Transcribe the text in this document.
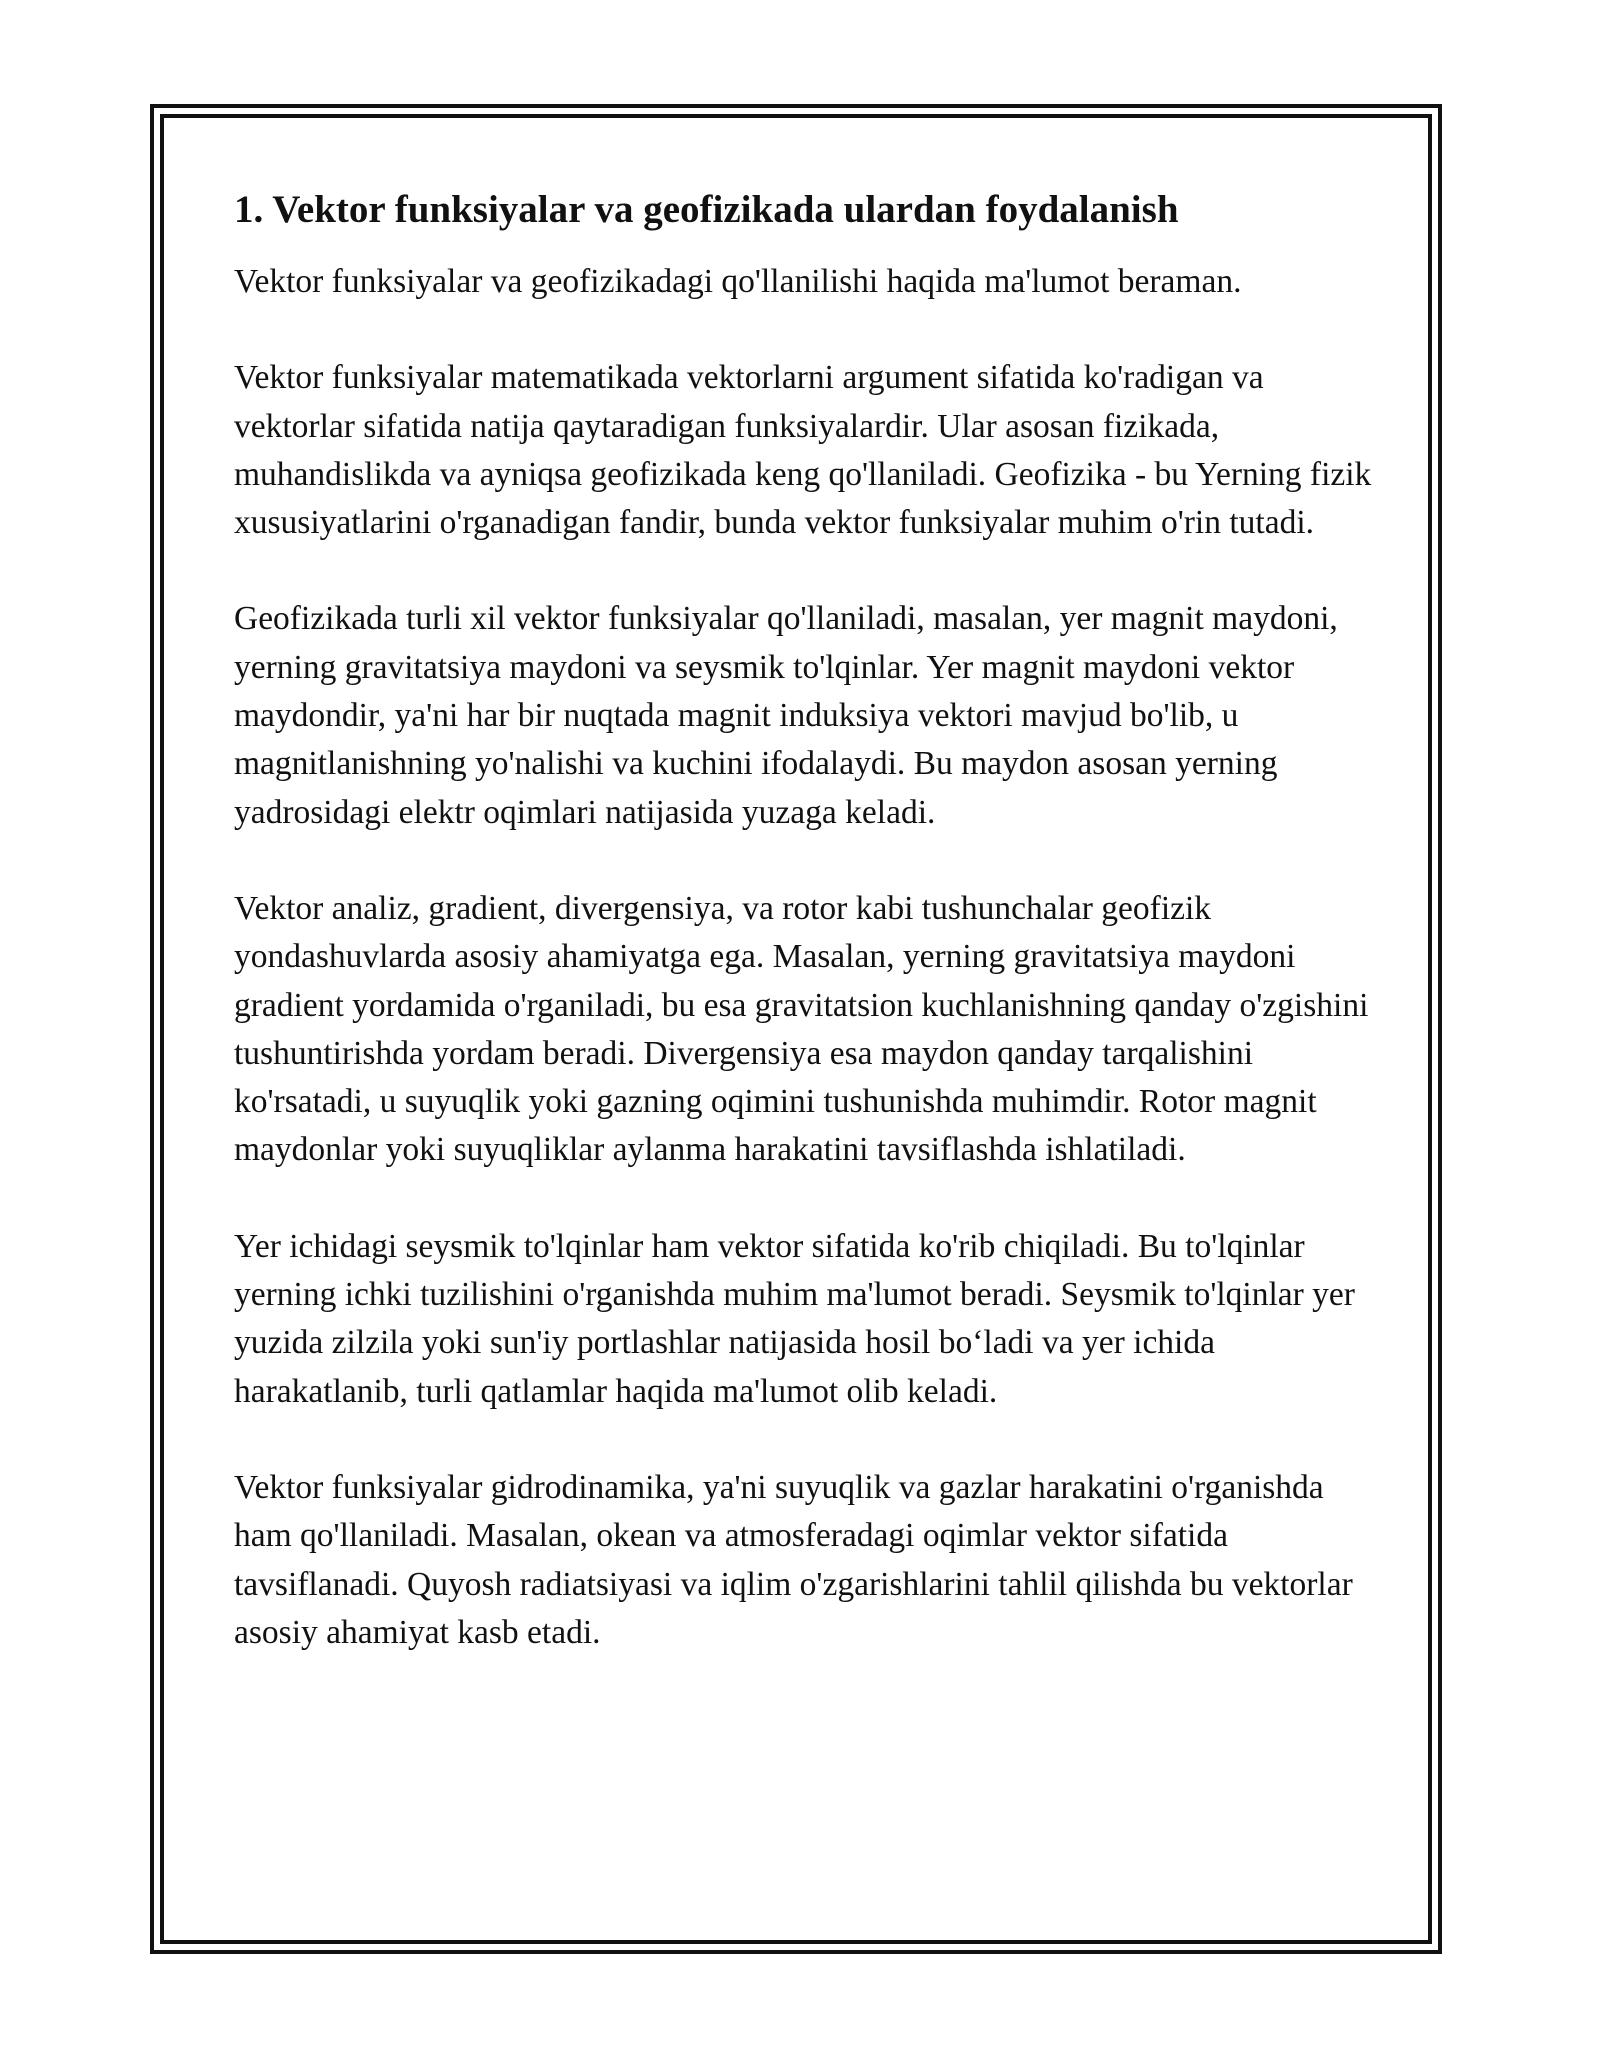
1. Vektor funksiyalar va geofizikada ulardan foydalanish

Vektor funksiyalar va geofizikadagi qo'llanilishi haqida ma'lumot beraman.

Vektor funksiyalar matematikada vektorlarni argument sifatida ko'radigan va vektorlar sifatida natija qaytaradigan funksiyalardir. Ular asosan fizikada, muhandislikda va ayniqsa geofizikada keng qo'llaniladi. Geofizika - bu Yerning fizik xususiyatlarini o'rganadigan fandir, bunda vektor funksiyalar muhim o'rin tutadi.

Geofizikada turli xil vektor funksiyalar qo'llaniladi, masalan, yer magnit maydoni, yerning gravitatsiya maydoni va seysmik to'lqinlar. Yer magnit maydoni vektor maydondir, ya'ni har bir nuqtada magnit induksiya vektori mavjud bo'lib, u magnitlanishning yo'nalishi va kuchini ifodalaydi. Bu maydon asosan yerning yadrosidagi elektr oqimlari natijasida yuzaga keladi.

Vektor analiz, gradient, divergensiya, va rotor kabi tushunchalar geofizik yondashuvlarda asosiy ahamiyatga ega. Masalan, yerning gravitatsiya maydoni gradient yordamida o'rganiladi, bu esa gravitatsion kuchlanishning qanday o'zgishini tushuntirishda yordam beradi. Divergensiya esa maydon qanday tarqalishini ko'rsatadi, u suyuqlik yoki gazning oqimini tushunishda muhimdir. Rotor magnit maydonlar yoki suyuqliklar aylanma harakatini tavsiflashda ishlatiladi.

Yer ichidagi seysmik to'lqinlar ham vektor sifatida ko'rib chiqiladi. Bu to'lqinlar yerning ichki tuzilishini o'rganishda muhim ma'lumot beradi. Seysmik to'lqinlar yer yuzida zilzila yoki sun'iy portlashlar natijasida hosil bo‘ladi va yer ichida harakatlanib, turli qatlamlar haqida ma'lumot olib keladi.

Vektor funksiyalar gidrodinamika, ya'ni suyuqlik va gazlar harakatini o'rganishda ham qo'llaniladi. Masalan, okean va atmosferadagi oqimlar vektor sifatida tavsiflanadi. Quyosh radiatsiyasi va iqlim o'zgarishlarini tahlil qilishda bu vektorlar asosiy ahamiyat kasb etadi.
